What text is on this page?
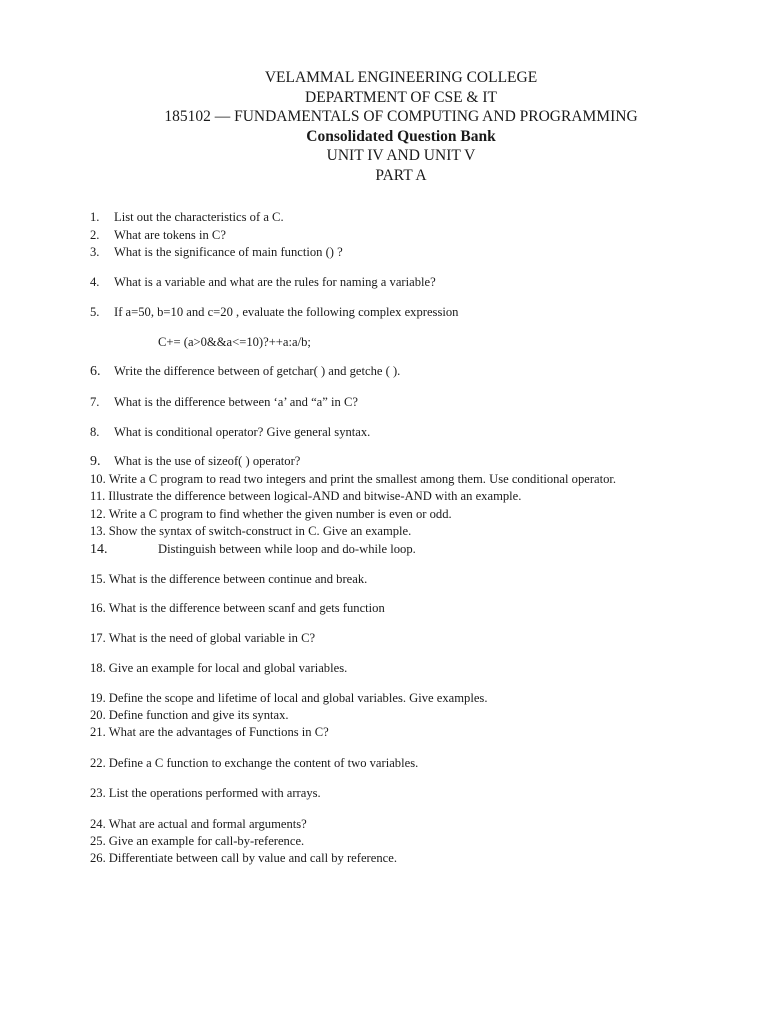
VELAMMAL ENGINEERING COLLEGE
DEPARTMENT OF CSE & IT
185102 — FUNDAMENTALS OF COMPUTING AND PROGRAMMING
Consolidated Question Bank
UNIT IV AND UNIT V
PART A
1. List out the characteristics of a C.
2. What are tokens in C?
3. What is the significance of main function () ?
4. What is a variable and what are the rules for naming a variable?
5. If a=50, b=10 and c=20 , evaluate the following complex expression
C+= (a>0&&a<=10)?++a:a/b;
6. Write the difference between of getchar( ) and getche ( ).
7. What is the difference between ‘a’ and “a” in C?
8. What is conditional operator? Give general syntax.
9. What is the use of sizeof( ) operator?
10. Write a C program to read two integers and print the smallest among them. Use conditional operator.
11. Illustrate the difference between logical-AND and bitwise-AND with an example.
12. Write a C program to find whether the given number is even or odd.
13. Show the syntax of switch-construct in C. Give an example.
14.	Distinguish between while loop and do-while loop.
15. What is the difference between continue and break.
16. What is the difference between scanf and gets function
17. What is the need of global variable in C?
18. Give an example for local and global variables.
19. Define the scope and lifetime of local and global variables. Give examples.
20. Define function and give its syntax.
21. What are the advantages of Functions in C?
22. Define a C function to exchange the content of two variables.
23. List the operations performed with arrays.
24. What are actual and formal arguments?
25. Give an example for call-by-reference.
26. Differentiate between call by value and call by reference.
